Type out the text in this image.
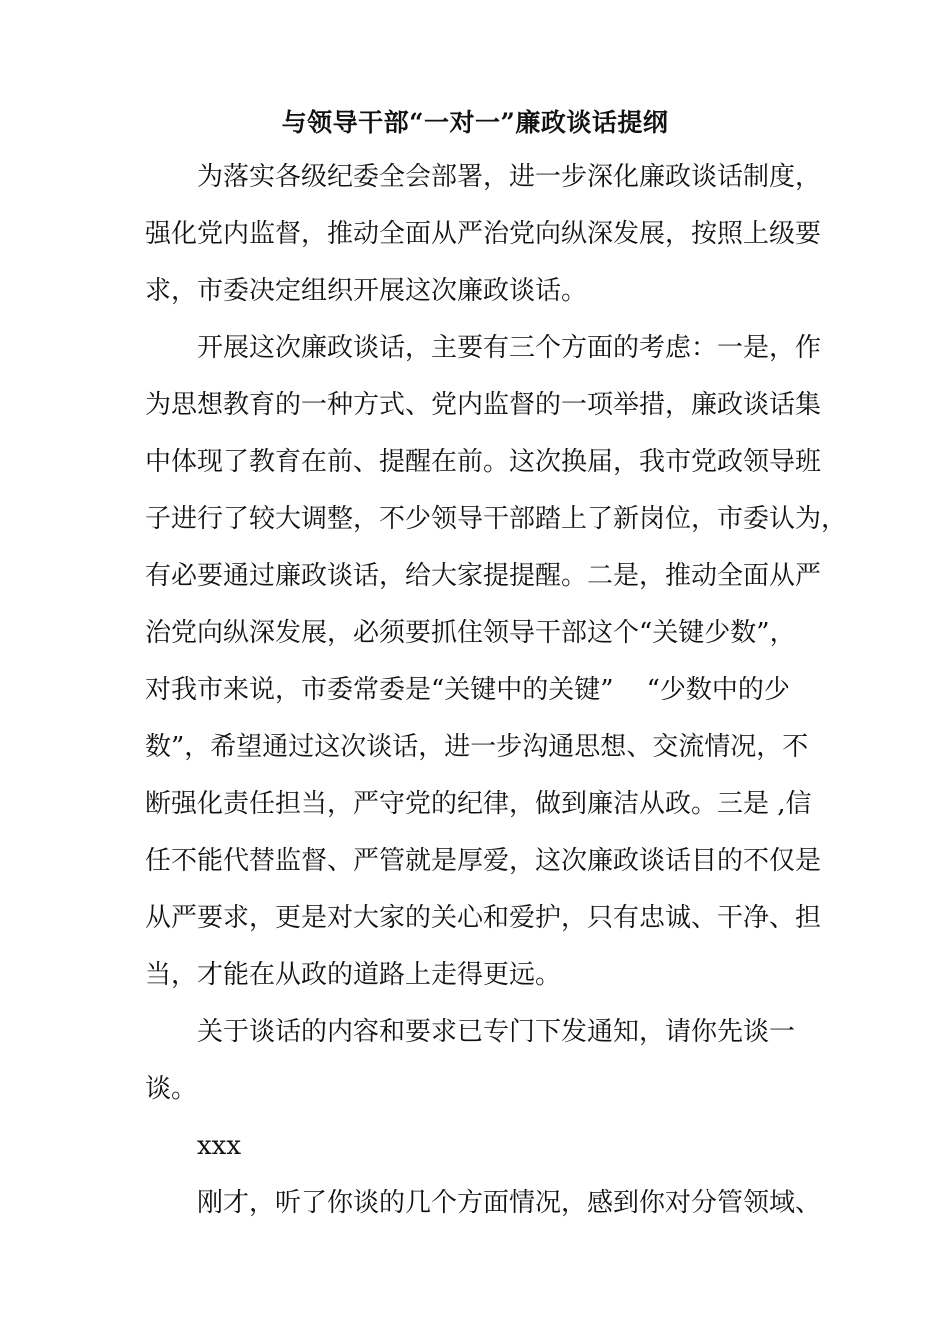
与领导干部“一对一”廉政谈话提纲
为落实各级纪委全会部署，进一步深化廉政谈话制度，
强化党内监督，推动全面从严治党向纵深发展，按照上级要
求，市委决定组织开展这次廉政谈话。
开展这次廉政谈话，主要有三个方面的考虑：一是，作
为思想教育的一种方式、党内监督的一项举措，廉政谈话集
中体现了教育在前、提醒在前。这次换届，我市党政领导班
子进行了较大调整，不少领导干部踏上了新岗位，市委认为，
有必要通过廉政谈话，给大家提提醒。二是，推动全面从严
治党向纵深发展，必须要抓住领导干部这个“关键少数”，
对我市来说，市委常委是“关键中的关键”    “少数中的少
数”，希望通过这次谈话，进一步沟通思想、交流情况，不
断强化责任担当，严守党的纪律，做到廉洁从政。三是 ,信
任不能代替监督、严管就是厚爱，这次廉政谈话目的不仅是
从严要求，更是对大家的关心和爱护，只有忠诚、干净、担
当，才能在从政的道路上走得更远。
关于谈话的内容和要求已专门下发通知，请你先谈一
谈。
xxx
刚才，听了你谈的几个方面情况，感到你对分管领域、
